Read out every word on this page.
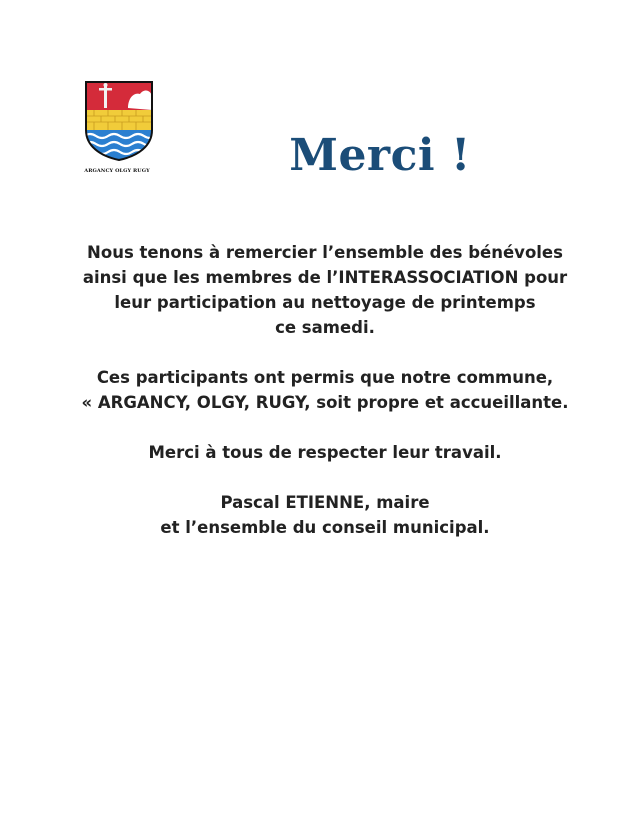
ARGANCY OLGY RUGY	Merci !

Nous tenons à remercier l’ensemble des bénévoles

ainsi que les membres de l’INTERASSOCIATION pour

leur participation au nettoyage de printemps

ce samedi.

Ces participants ont permis que notre commune,

« ARGANCY, OLGY, RUGY, soit propre et accueillante.

Merci à tous de respecter leur travail.

Pascal ETIENNE, maire

et l’ensemble du conseil municipal.
